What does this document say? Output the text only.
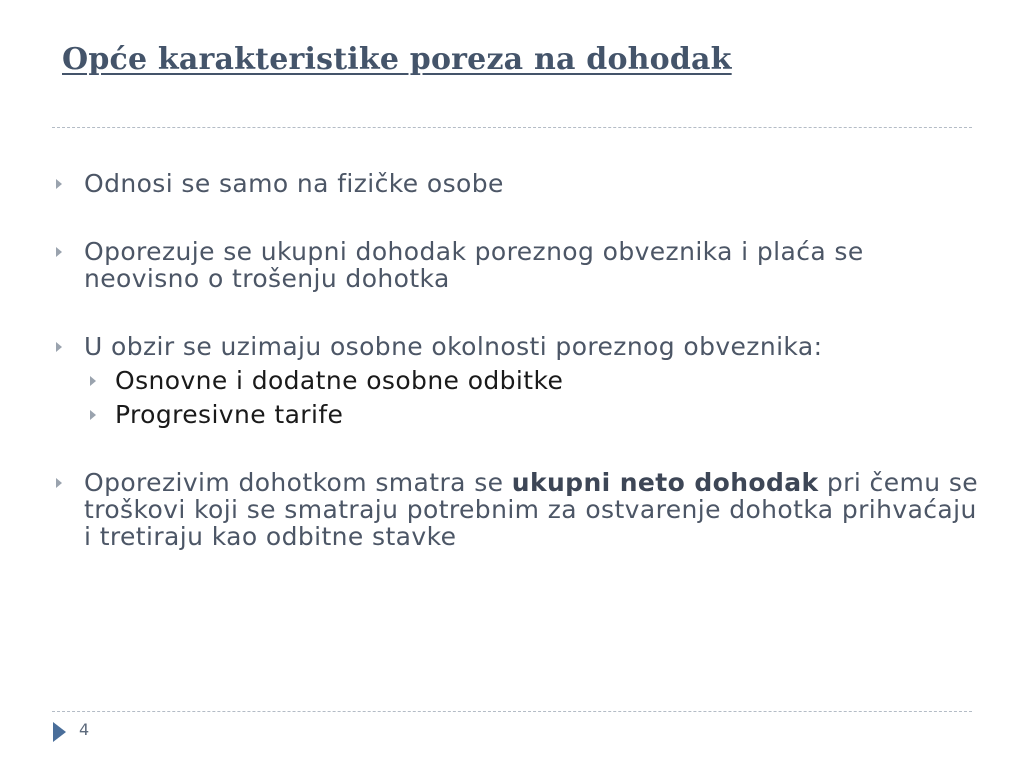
Opće karakteristike poreza na dohodak
Odnosi se samo na fizičke osobe
Oporezuje se ukupni dohodak poreznog obveznika i plaća se neovisno o trošenju dohotka
U obzir se uzimaju osobne okolnosti poreznog obveznika:
Osnovne i dodatne osobne odbitke
Progresivne tarife
Oporezivim dohotkom smatra se ukupni neto dohodak pri čemu se troškovi koji se smatraju potrebnim za ostvarenje dohotka prihvaćaju i tretiraju kao odbitne stavke
4
